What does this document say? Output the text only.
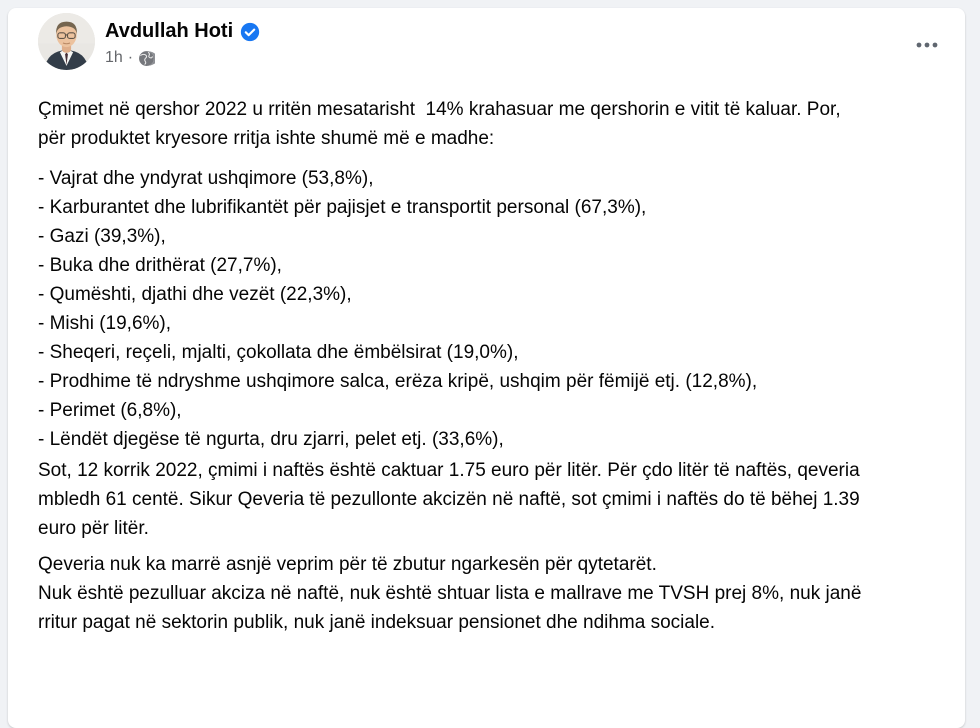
Avdullah Hoti
1h ·
Çmimet në qershor 2022 u rritën mesatarisht  14% krahasuar me qershorin e vitit të kaluar. Por,
për produktet kryesore rritja ishte shumë më e madhe:
- Vajrat dhe yndyrat ushqimore (53,8%),
- Karburantet dhe lubrifikantët për pajisjet e transportit personal (67,3%),
- Gazi (39,3%),
- Buka dhe drithërat (27,7%),
- Qumështi, djathi dhe vezët (22,3%),
- Mishi (19,6%),
- Sheqeri, reçeli, mjalti, çokollata dhe ëmbëlsirat (19,0%),
- Prodhime të ndryshme ushqimore salca, erëza kripë, ushqim për fëmijë etj. (12,8%),
- Perimet (6,8%),
- Lëndët djegëse të ngurta, dru zjarri, pelet etj. (33,6%),
Sot, 12 korrik 2022, çmimi i naftës është caktuar 1.75 euro për litër. Për çdo litër të naftës, qeveria
mbledh 61 centë. Sikur Qeveria të pezullonte akcizën në naftë, sot çmimi i naftës do të bëhej 1.39
euro për litër.
Qeveria nuk ka marrë asnjë veprim për të zbutur ngarkesën për qytetarët.
Nuk është pezulluar akciza në naftë, nuk është shtuar lista e mallrave me TVSH prej 8%, nuk janë
rritur pagat në sektorin publik, nuk janë indeksuar pensionet dhe ndihma sociale.
